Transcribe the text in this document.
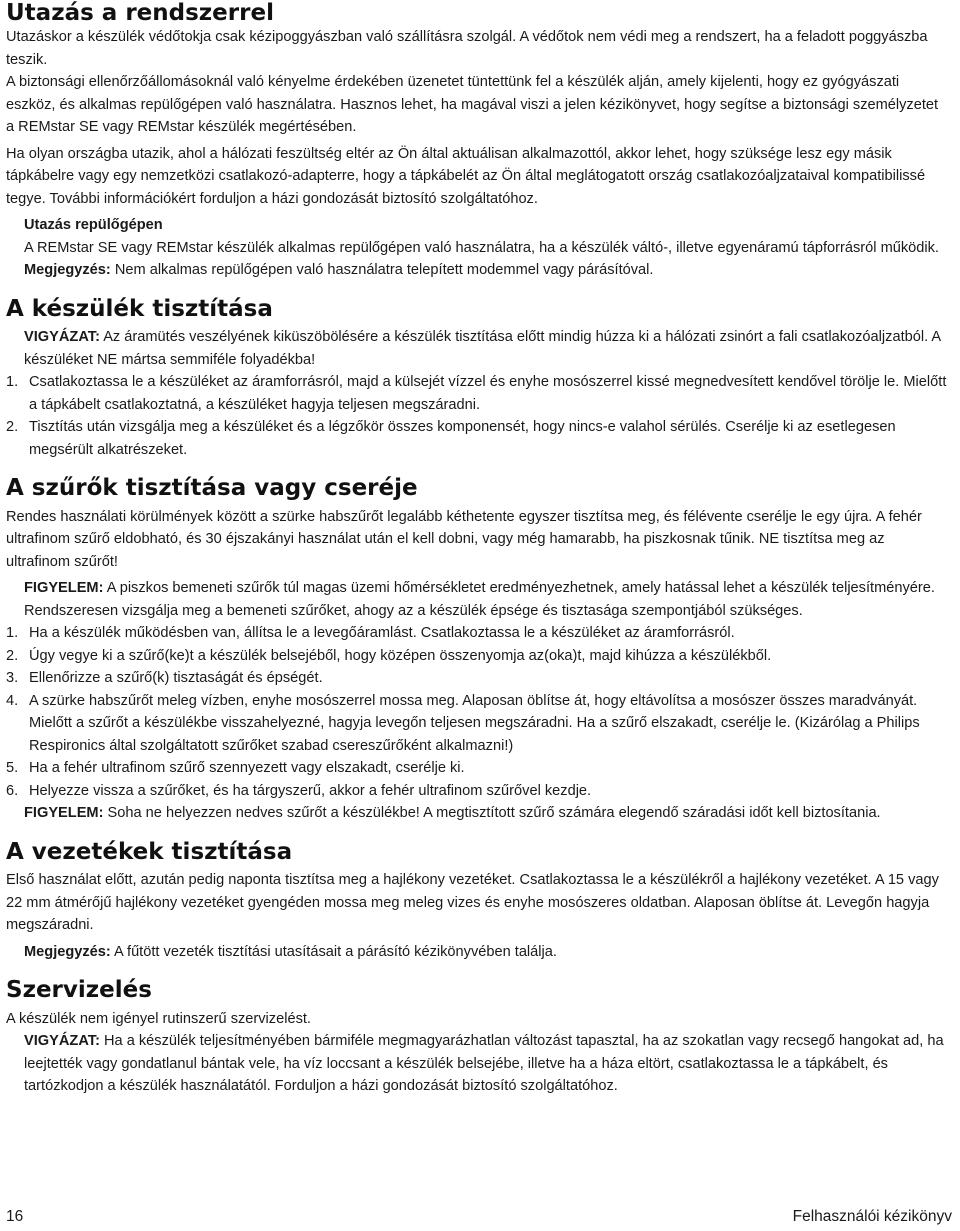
Utazás a rendszerrel

Utazáskor a készülék védőtokja csak kézipoggyászban való szállításra szolgál. A védőtok nem védi meg a rendszert, ha a feladott poggyászba teszik.

A biztonsági ellenőrzőállomásoknál való kényelme érdekében üzenetet tüntettünk fel a készülék alján, amely kijelenti, hogy ez gyógyászati eszköz, és alkalmas repülőgépen való használatra. Hasznos lehet, ha magával viszi a jelen kézikönyvet, hogy segítse a biztonsági személyzetet a REMstar SE vagy REMstar készülék megértésében.

Ha olyan országba utazik, ahol a hálózati feszültség eltér az Ön által aktuálisan alkalmazottól, akkor lehet, hogy szüksége lesz egy másik tápkábelre vagy egy nemzetközi csatlakozó-adapterre, hogy a tápkábelét az Ön által meglátogatott ország csatlakozóaljzataival kompatibilissé tegye. További információkért forduljon a házi gondozását biztosító szolgáltatóhoz.

Utazás repülőgépen

A REMstar SE vagy REMstar készülék alkalmas repülőgépen való használatra, ha a készülék váltó-, illetve egyenáramú tápforrásról működik.

Megjegyzés: Nem alkalmas repülőgépen való használatra telepített modemmel vagy párásítóval.

A készülék tisztítása

VIGYÁZAT: Az áramütés veszélyének kiküszöbölésére a készülék tisztítása előtt mindig húzza ki a hálózati zsinórt a fali csatlakozóaljzatból. A készüléket NE mártsa semmiféle folyadékba!

1. Csatlakoztassa le a készüléket az áramforrásról, majd a külsejét vízzel és enyhe mosószerrel kissé megnedvesített kendővel törölje le. Mielőtt a tápkábelt csatlakoztatná, a készüléket hagyja teljesen megszáradni.
2. Tisztítás után vizsgálja meg a készüléket és a légzőkör összes komponensét, hogy nincs-e valahol sérülés. Cserélje ki az esetlegesen megsérült alkatrészeket.
A szűrők tisztítása vagy cseréje

Rendes használati körülmények között a szürke habszűrőt legalább kéthetente egyszer tisztítsa meg, és félévente cserélje le egy újra. A fehér ultrafinom szűrő eldobható, és 30 éjszakányi használat után el kell dobni, vagy még hamarabb, ha piszkosnak tűnik. NE tisztítsa meg az ultrafinom szűrőt!

FIGYELEM: A piszkos bemeneti szűrők túl magas üzemi hőmérsékletet eredményezhetnek, amely hatással lehet a készülék teljesítményére. Rendszeresen vizsgálja meg a bemeneti szűrőket, ahogy az a készülék épsége és tisztasága szempontjából szükséges.

1. Ha a készülék működésben van, állítsa le a levegőáramlást. Csatlakoztassa le a készüléket az áramforrásról.
2. Úgy vegye ki a szűrő(ke)t a készülék belsejéből, hogy középen összenyomja az(oka)t, majd kihúzza a készülékből.
3. Ellenőrizze a szűrő(k) tisztaságát és épségét.
4. A szürke habszűrőt meleg vízben, enyhe mosószerrel mossa meg. Alaposan öblítse át, hogy eltávolítsa a mosószer összes maradványát. Mielőtt a szűrőt a készülékbe visszahelyezné, hagyja levegőn teljesen megszáradni. Ha a szűrő elszakadt, cserélje le. (Kizárólag a Philips Respironics által szolgáltatott szűrőket szabad csereszűrőként alkalmazni!)
5. Ha a fehér ultrafinom szűrő szennyezett vagy elszakadt, cserélje ki.
6. Helyezze vissza a szűrőket, és ha tárgyszerű, akkor a fehér ultrafinom szűrővel kezdje.

FIGYELEM: Soha ne helyezzen nedves szűrőt a készülékbe! A megtisztított szűrő számára elegendő száradási időt kell biztosítania.

A vezetékek tisztítása

Első használat előtt, azután pedig naponta tisztítsa meg a hajlékony vezetéket. Csatlakoztassa le a készülékről a hajlékony vezetéket. A 15 vagy 22 mm átmérőjű hajlékony vezetéket gyengéden mossa meg meleg vizes és enyhe mosószeres oldatban. Alaposan öblítse át. Levegőn hagyja megszáradni.

Megjegyzés: A fűtött vezeték tisztítási utasításait a párásító kézikönyvében találja.

Szervizelés

A készülék nem igényel rutinszerű szervizelést.

VIGYÁZAT: Ha a készülék teljesítményében bármiféle megmagyarázhatlan változást tapasztal, ha az szokatlan vagy recsegő hangokat ad, ha leejtették vagy gondatlanul bántak vele, ha víz loccsant a készülék belsejébe, illetve ha a háza eltört, csatlakoztassa le a tápkábelt, és tartózkodjon a készülék használatától. Forduljon a házi gondozását biztosító szolgáltatóhoz.

16	Felhasználói kézikönyv
